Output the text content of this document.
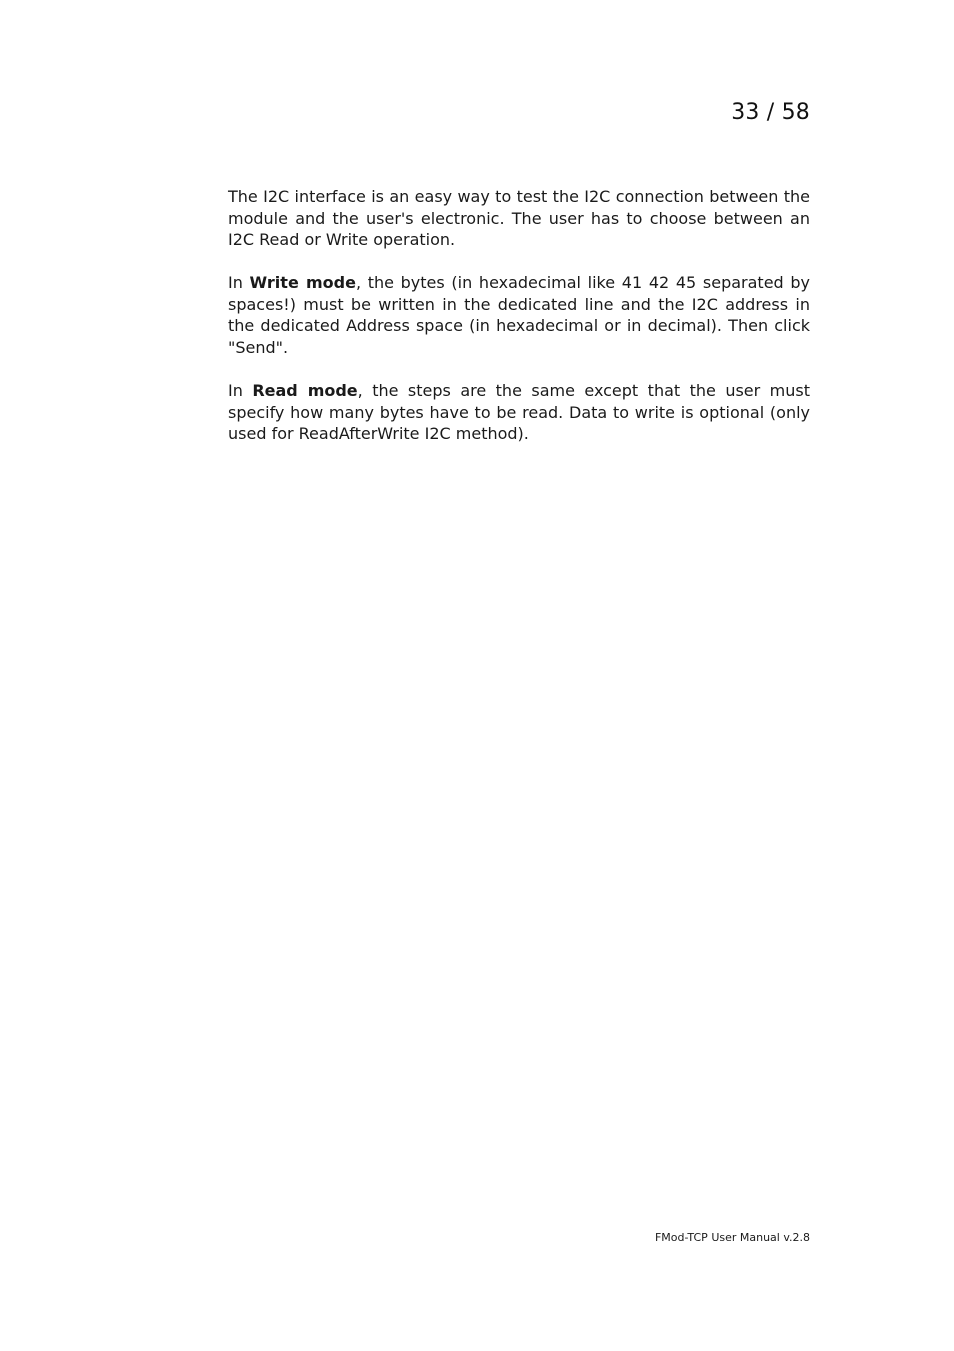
33 / 58

The I2C interface is an easy way to test the I2C connection between the module and the user's electronic. The user has to choose between an I2C Read or Write operation.

In Write mode, the bytes (in hexadecimal like 41 42 45 separated by spaces!) must be written in the dedicated line and the I2C address in the dedicated Address space (in hexadecimal or in decimal). Then click "Send".

In Read mode, the steps are the same except that the user must specify how many bytes have to be read. Data to write is optional (only used for ReadAfterWrite I2C method).

FMod-TCP User Manual v.2.8
